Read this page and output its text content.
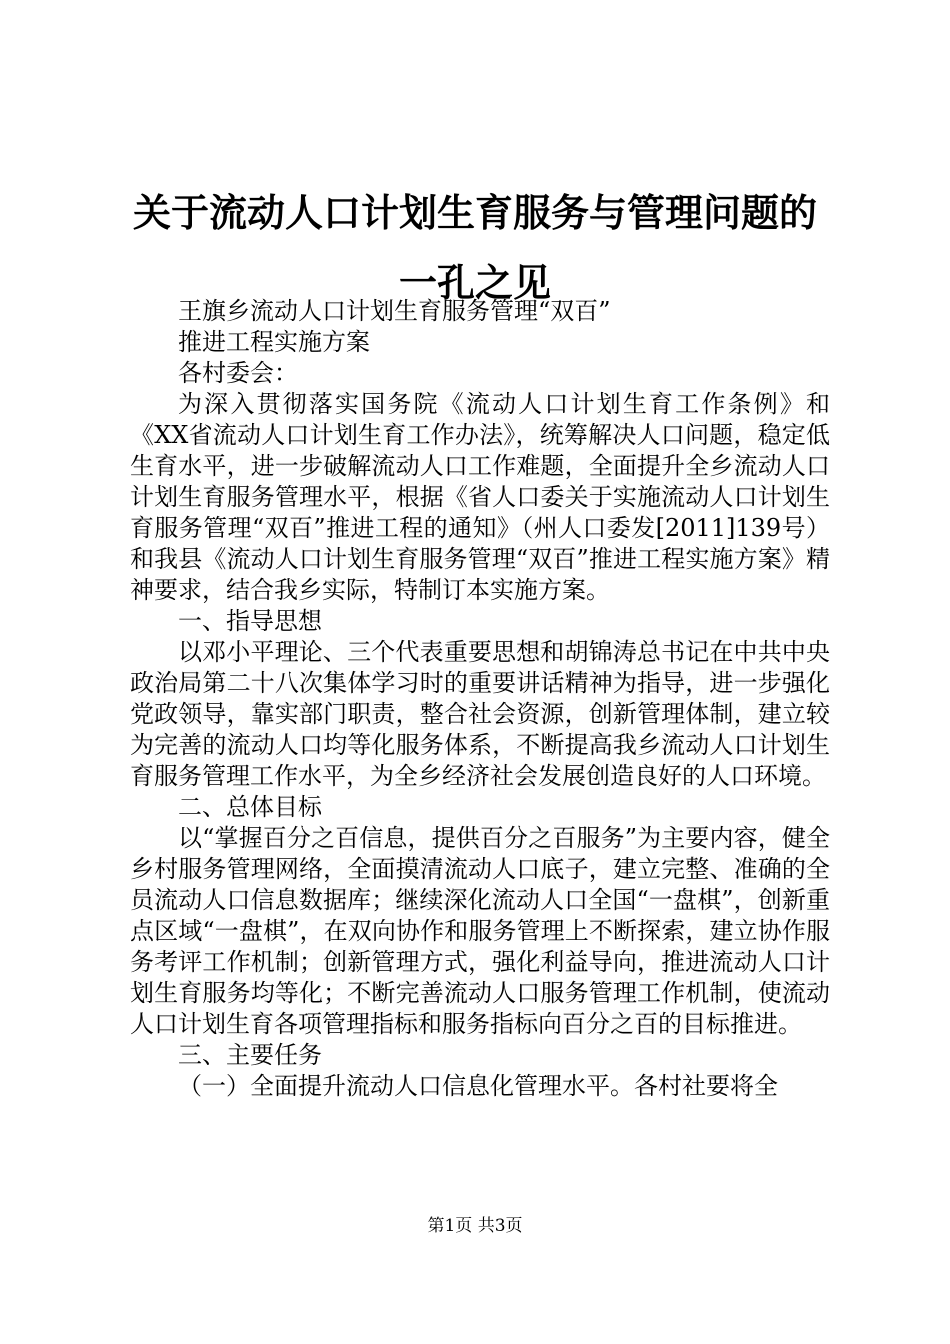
关于流动人口计划生育服务与管理问题的一孔之见

王旗乡流动人口计划生育服务管理“双百”

推进工程实施方案

各村委会：

为深入贯彻落实国务院《流动人口计划生育工作条例》和《XX省流动人口计划生育工作办法》，统筹解决人口问题，稳定低生育水平，进一步破解流动人口工作难题，全面提升全乡流动人口计划生育服务管理水平，根据《省人口委关于实施流动人口计划生育服务管理“双百”推进工程的通知》（州人口委发[2011]139号）和我县《流动人口计划生育服务管理“双百”推进工程实施方案》精神要求，结合我乡实际，特制订本实施方案。

一、指导思想

以邓小平理论、三个代表重要思想和胡锦涛总书记在中共中央政治局第二十八次集体学习时的重要讲话精神为指导，进一步强化党政领导，靠实部门职责，整合社会资源，创新管理体制，建立较为完善的流动人口均等化服务体系，不断提高我乡流动人口计划生育服务管理工作水平，为全乡经济社会发展创造良好的人口环境。

二、总体目标

以“掌握百分之百信息，提供百分之百服务”为主要内容，健全乡村服务管理网络，全面摸清流动人口底子，建立完整、准确的全员流动人口信息数据库；继续深化流动人口全国“一盘棋”，创新重点区域“一盘棋”，在双向协作和服务管理上不断探索，建立协作服务考评工作机制；创新管理方式，强化利益导向，推进流动人口计划生育服务均等化；不断完善流动人口服务管理工作机制，使流动人口计划生育各项管理指标和服务指标向百分之百的目标推进。

三、主要任务

（一）全面提升流动人口信息化管理水平。各村社要将全

第1页 共3页
